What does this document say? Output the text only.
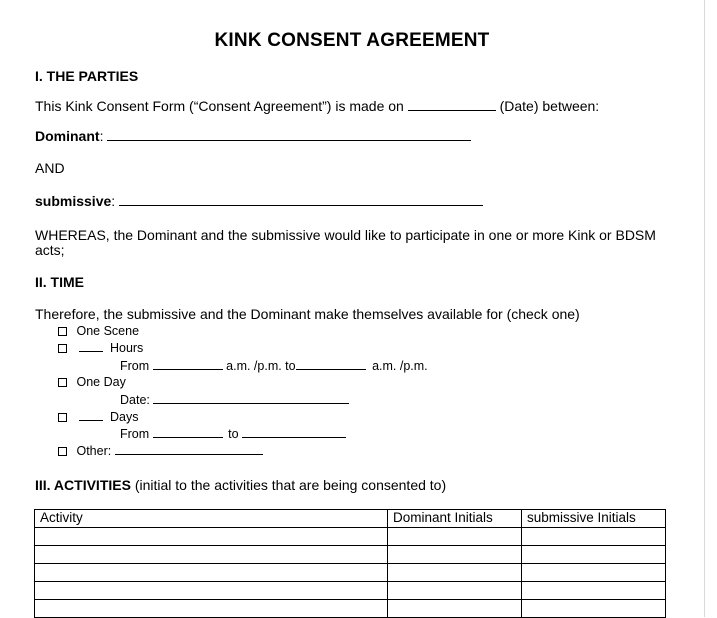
KINK CONSENT AGREEMENT
I. THE PARTIES
This Kink Consent Form (“Consent Agreement”) is made on	(Date) between:
Dominant:
AND
submissive:
WHEREAS, the Dominant and the submissive would like to participate in one or more Kink or BDSM
acts;
II. TIME
Therefore, the submissive and the Dominant make themselves available for (check one)
One Scene
Hours
From	a.m. /p.m. to	a.m. /p.m.
One Day
Date:
Days
From	to
Other:
III. ACTIVITIES (initial to the activities that are being consented to)
Activity	Dominant Initials	submissive Initials
